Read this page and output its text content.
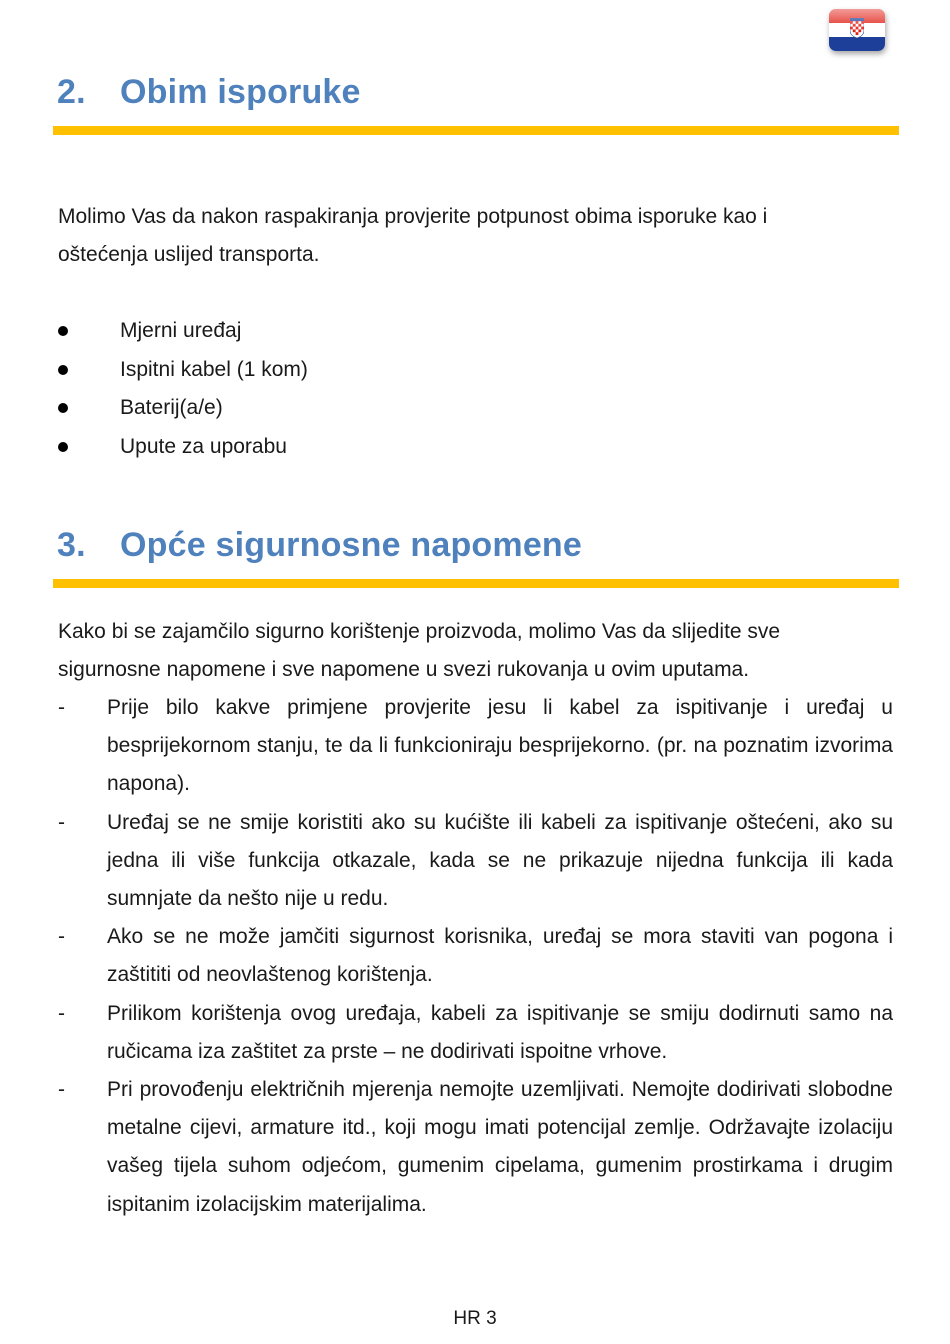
2. Obim isporuke

Molimo Vas da nakon raspakiranja provjerite potpunost obima isporuke kao i
oštećenja uslijed transporta.

Mjerni uređaj
Ispitni kabel (1 kom)
Baterij(a/e)
Upute za uporabu
3. Opće sigurnosne napomene

Kako bi se zajamčilo sigurno korištenje proizvoda, molimo Vas da slijedite sve
sigurnosne napomene i sve napomene u svezi rukovanja u ovim uputama.

- Prije bilo kakve primjene provjerite jesu li kabel za ispitivanje i uređaj u besprijekornom stanju, te da li funkcioniraju besprijekorno. (pr. na poznatim izvorima napona).
- Uređaj se ne smije koristiti ako su kućište ili kabeli za ispitivanje oštećeni, ako su jedna ili više funkcija otkazale, kada se ne prikazuje nijedna funkcija ili kada sumnjate da nešto nije u redu.
- Ako se ne može jamčiti sigurnost korisnika, uređaj se mora staviti van pogona i zaštititi od neovlaštenog korištenja.
- Prilikom korištenja ovog uređaja, kabeli za ispitivanje se smiju dodirnuti samo na ručicama iza zaštitet za prste – ne dodirivati ispoitne vrhove.
- Pri provođenju električnih mjerenja nemojte uzemljivati. Nemojte dodirivati slobodne metalne cijevi, armature itd., koji mogu imati potencijal zemlje. Održavajte izolaciju vašeg tijela suhom odjećom, gumenim cipelama, gumenim prostirkama i drugim ispitanim izolacijskim materijalima.
HR 3
